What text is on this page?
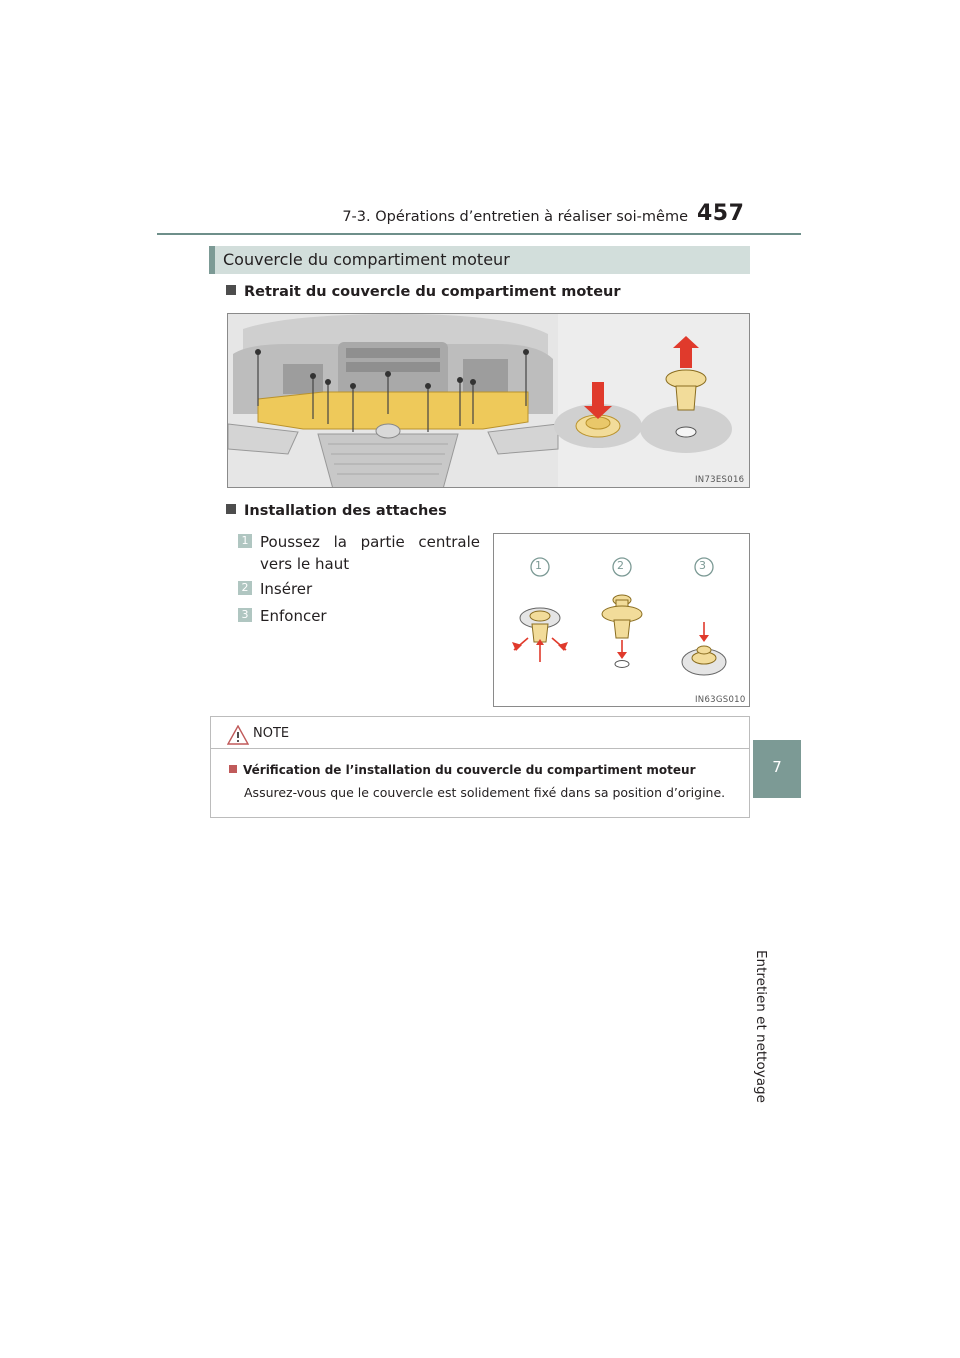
7-3. Opérations d’entretien à réaliser soi-même 457
7
Entretien et nettoyage
Couvercle du compartiment moteur
Retrait du couvercle du compartiment moteur
IN73ES016
Installation des attaches
1 Poussez la partie centrale vers le haut
2 Insérer
3 Enfoncer
1	2	3
IN63GS010
NOTE
Vérification de l’installation du couvercle du compartiment moteur
Assurez-vous que le couvercle est solidement fixé dans sa position d’origine.
